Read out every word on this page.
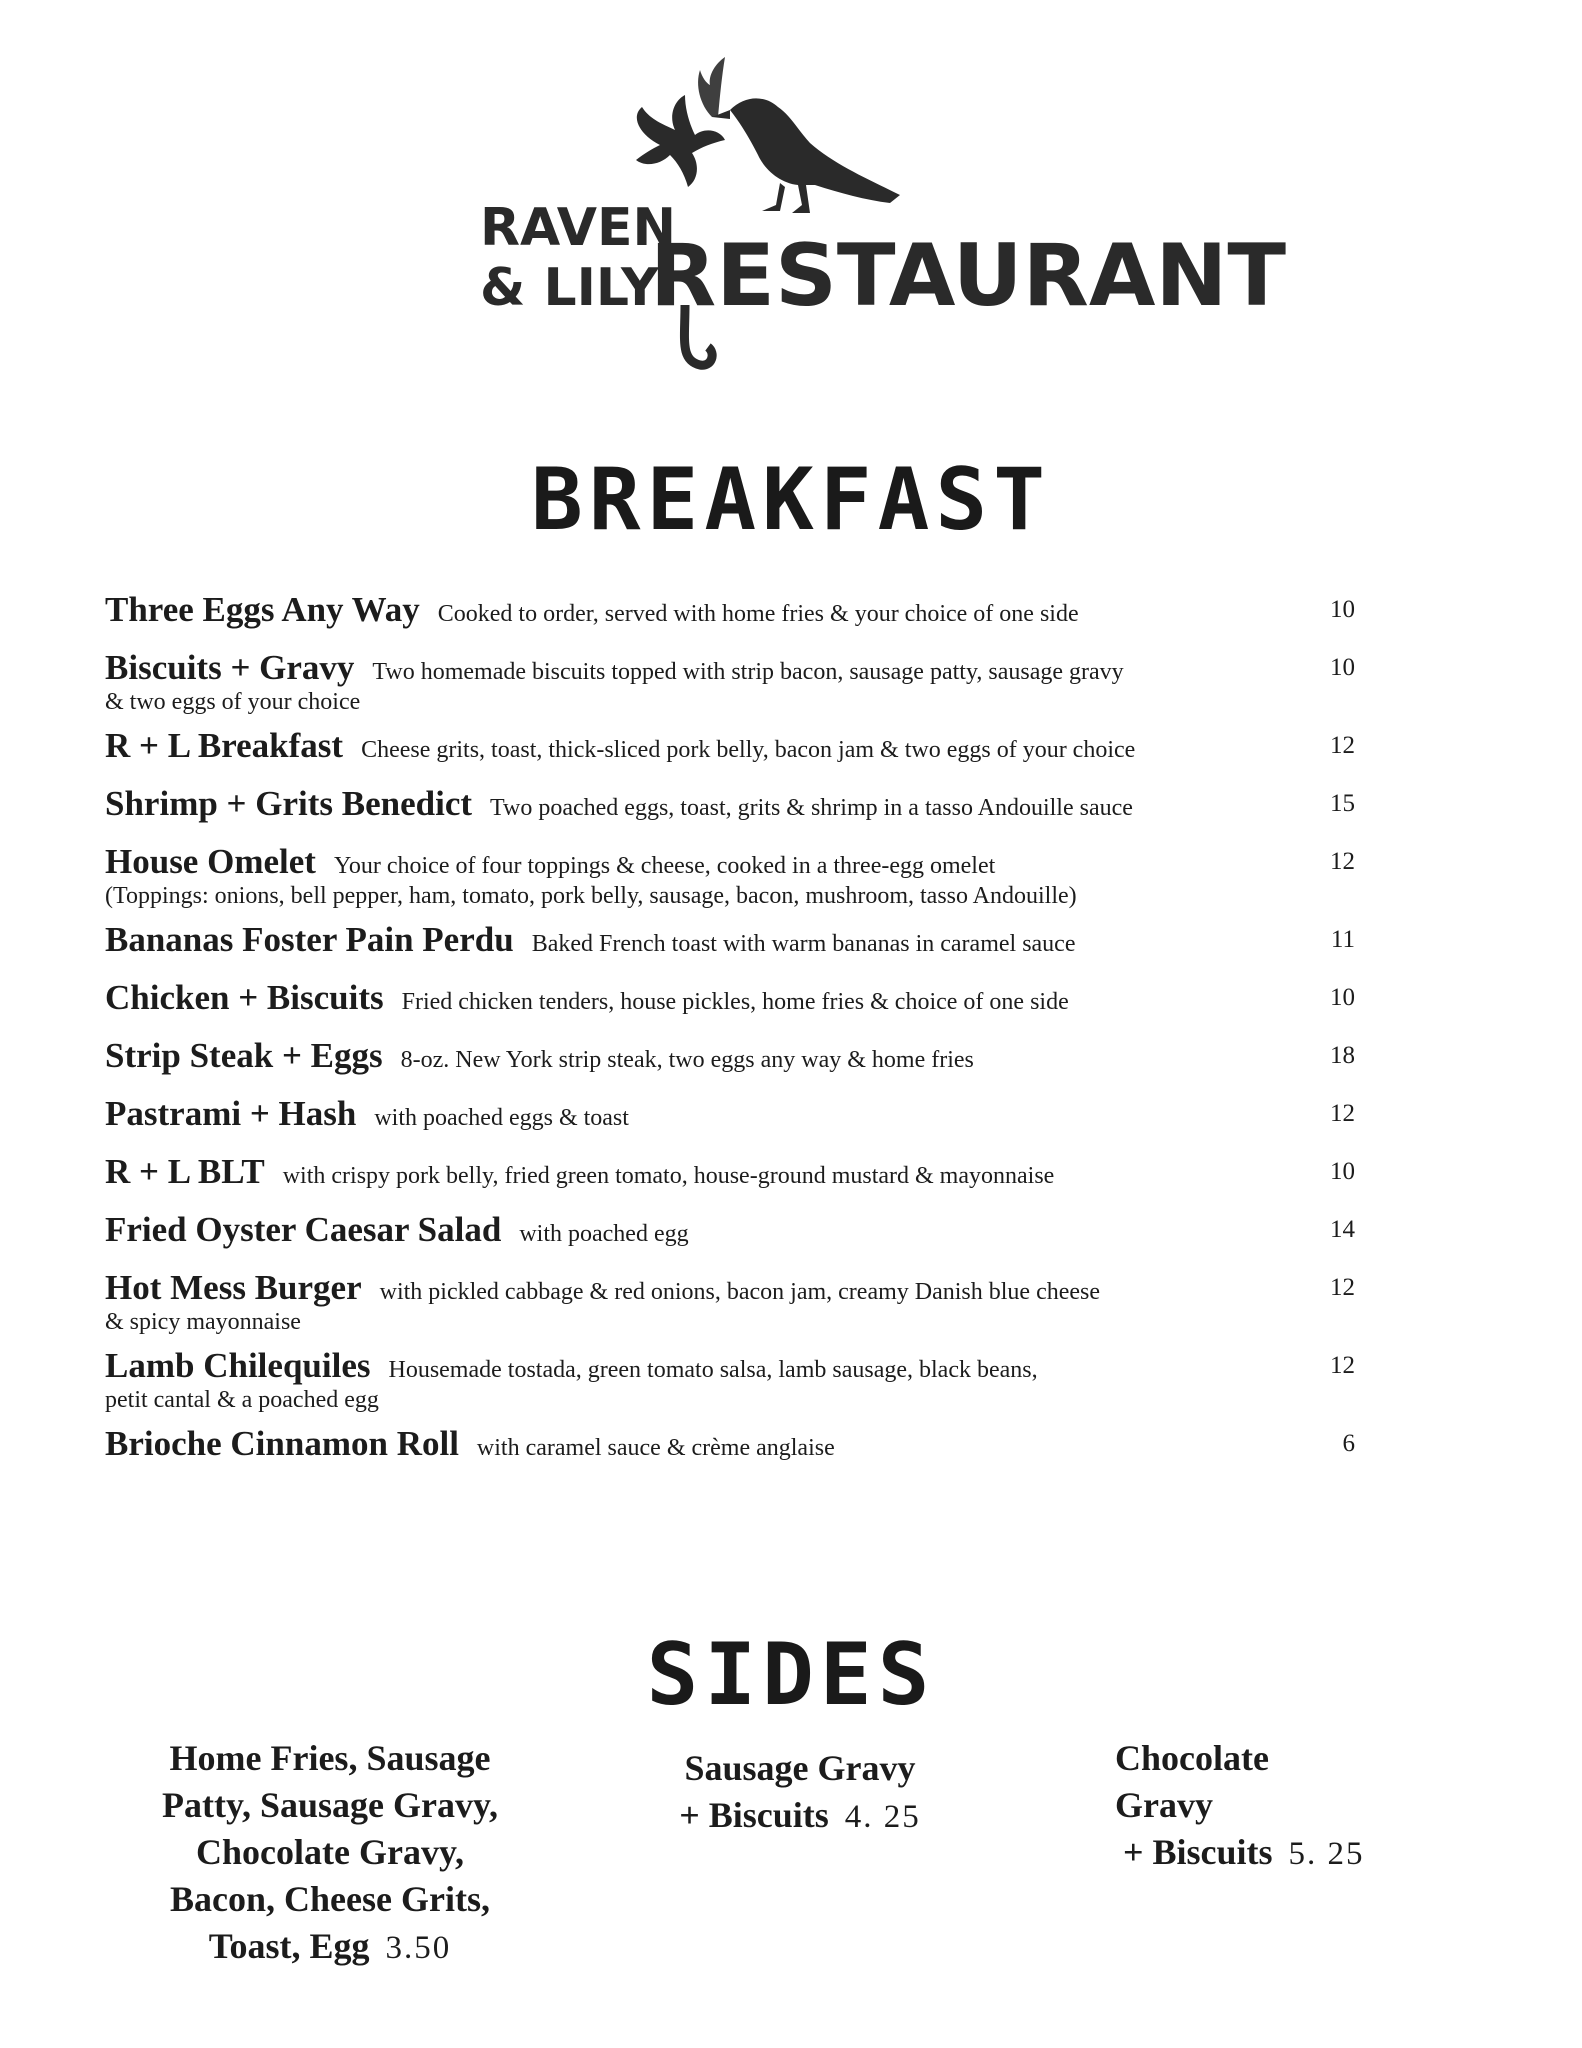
RAVEN
& LILY
RESTAURANT
BREAKFAST
Three Eggs Any Way Cooked to order, served with home fries & your choice of one side	10
Biscuits + Gravy Two homemade biscuits topped with strip bacon, sausage patty, sausage gravy	10
& two eggs of your choice
R + L Breakfast Cheese grits, toast, thick-sliced pork belly, bacon jam & two eggs of your choice	12
Shrimp + Grits Benedict Two poached eggs, toast, grits & shrimp in a tasso Andouille sauce	15
House Omelet Your choice of four toppings & cheese, cooked in a three-egg omelet	12
(Toppings: onions, bell pepper, ham, tomato, pork belly, sausage, bacon, mushroom, tasso Andouille)
Bananas Foster Pain Perdu Baked French toast with warm bananas in caramel sauce	11
Chicken + Biscuits Fried chicken tenders, house pickles, home fries & choice of one side	10
Strip Steak + Eggs 8-oz. New York strip steak, two eggs any way & home fries	18
Pastrami + Hash with poached eggs & toast	12
R + L BLT with crispy pork belly, fried green tomato, house-ground mustard & mayonnaise	10
Fried Oyster Caesar Salad with poached egg	14
Hot Mess Burger with pickled cabbage & red onions, bacon jam, creamy Danish blue cheese	12
& spicy mayonnaise
Lamb Chilequiles Housemade tostada, green tomato salsa, lamb sausage, black beans,	12
petit cantal & a poached egg
Brioche Cinnamon Roll with caramel sauce & crème anglaise	6
SIDES
Home Fries, Sausage
Patty, Sausage Gravy,
Chocolate Gravy,
Bacon, Cheese Grits,
Toast, Egg 3.50
Sausage Gravy
+ Biscuits 4. 25
Chocolate
Gravy
+ Biscuits 5. 25
